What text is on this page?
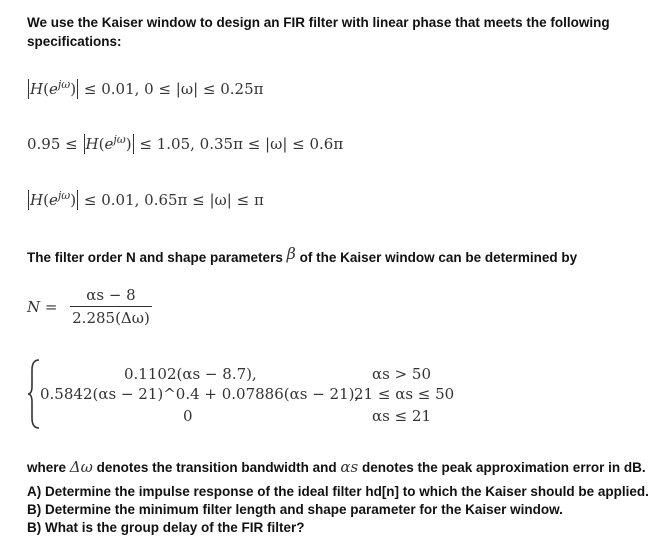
We use the Kaiser window to design an FIR filter with linear phase that meets the following
specifications:
$H(e^{j\omega}) \le 0.01$, 0 ≤ |ω| ≤ 0.25π
$0.95 \le H(e^{j\omega}) \le 1.05$, 0.35π ≤ |ω| ≤ 0.6π
$H(e^{j\omega}) \le 0.01$, 0.65π ≤ |ω| ≤ π
The filter order N and shape parameters β of the Kaiser window can be determined by
N =
αs − 8
2.285(Δω)
0.1102(αs − 8.7),
0.5842(αs − 21)^0.4 + 0.07886(αs − 21),
0
αs > 50
21 ≤ αs ≤ 50
αs ≤ 21
where Δω denotes the transition bandwidth and αs denotes the peak approximation error in dB.
A) Determine the impulse response of the ideal filter hd[n] to which the Kaiser should be applied.
B) Determine the minimum filter length and shape parameter for the Kaiser window.
B) What is the group delay of the FIR filter?
